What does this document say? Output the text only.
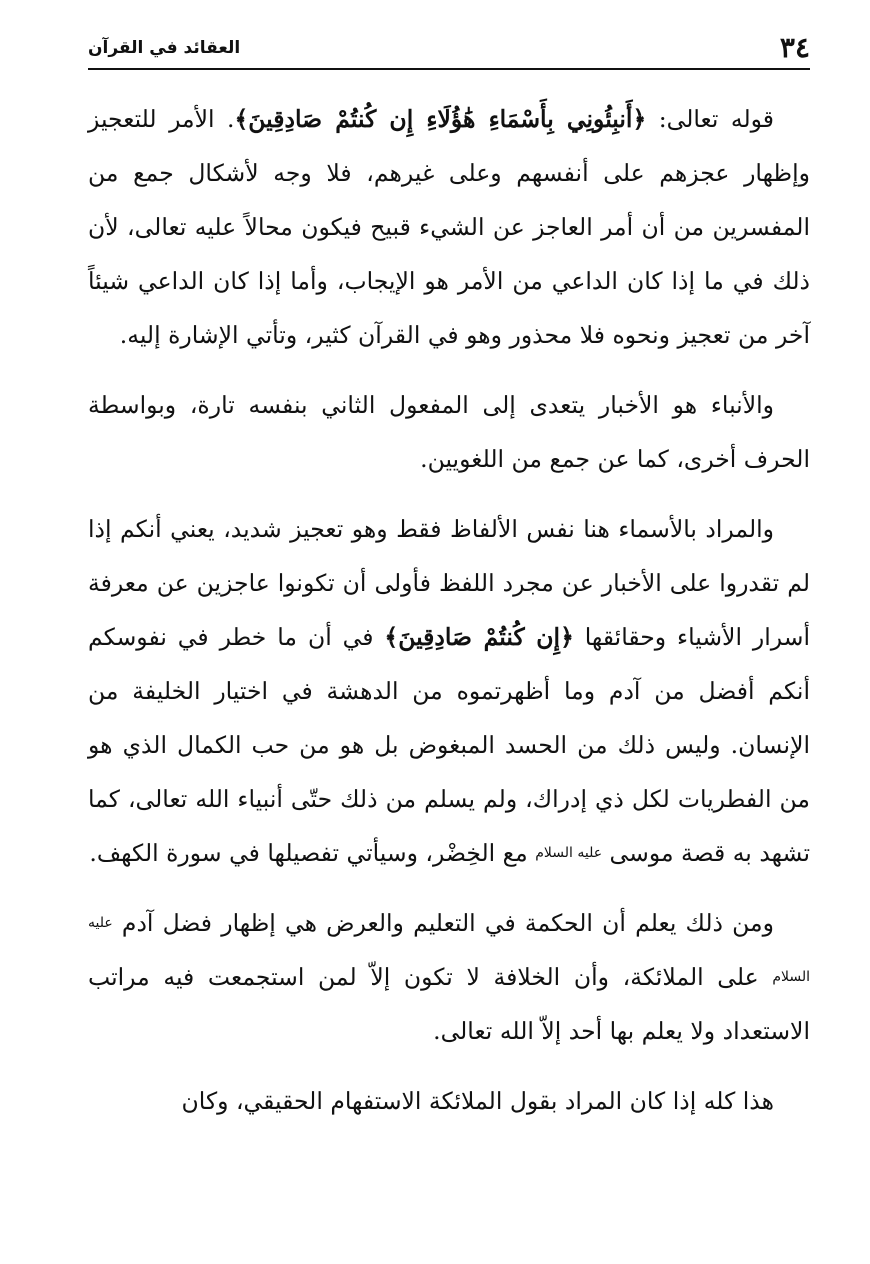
٣٤
العقائد في القرآن

قوله تعالى: ﴿أَنبِئُونِي بِأَسْمَاءِ هَٰؤُلَاءِ إِن كُنتُمْ صَادِقِينَ﴾. الأمر للتعجيز وإظهار عجزهم على أنفسهم وعلى غيرهم، فلا وجه لأشكال جمع من المفسرين من أن أمر العاجز عن الشيء قبيح فيكون محالاً عليه تعالى، لأن ذلك في ما إذا كان الداعي من الأمر هو الإيجاب، وأما إذا كان الداعي شيئاً آخر من تعجيز ونحوه فلا محذور وهو في القرآن كثير، وتأتي الإشارة إليه.

والأنباء هو الأخبار يتعدى إلى المفعول الثاني بنفسه تارة، وبواسطة الحرف أخرى، كما عن جمع من اللغويين.

والمراد بالأسماء هنا نفس الألفاظ فقط وهو تعجيز شديد، يعني أنكم إذا لم تقدروا على الأخبار عن مجرد اللفظ فأولى أن تكونوا عاجزين عن معرفة أسرار الأشياء وحقائقها ﴿إِن كُنتُمْ صَادِقِينَ﴾ في أن ما خطر في نفوسكم أنكم أفضل من آدم وما أظهرتموه من الدهشة في اختيار الخليفة من الإنسان. وليس ذلك من الحسد المبغوض بل هو من حب الكمال الذي هو من الفطريات لكل ذي إدراك، ولم يسلم من ذلك حتّى أنبياء الله تعالى، كما تشهد به قصة موسى عليه السلام مع الخِضْر، وسيأتي تفصيلها في سورة الكهف.

ومن ذلك يعلم أن الحكمة في التعليم والعرض هي إظهار فضل آدم عليه السلام على الملائكة، وأن الخلافة لا تكون إلاّ لمن استجمعت فيه مراتب الاستعداد ولا يعلم بها أحد إلاّ الله تعالى.

هذا كله إذا كان المراد بقول الملائكة الاستفهام الحقيقي، وكان
